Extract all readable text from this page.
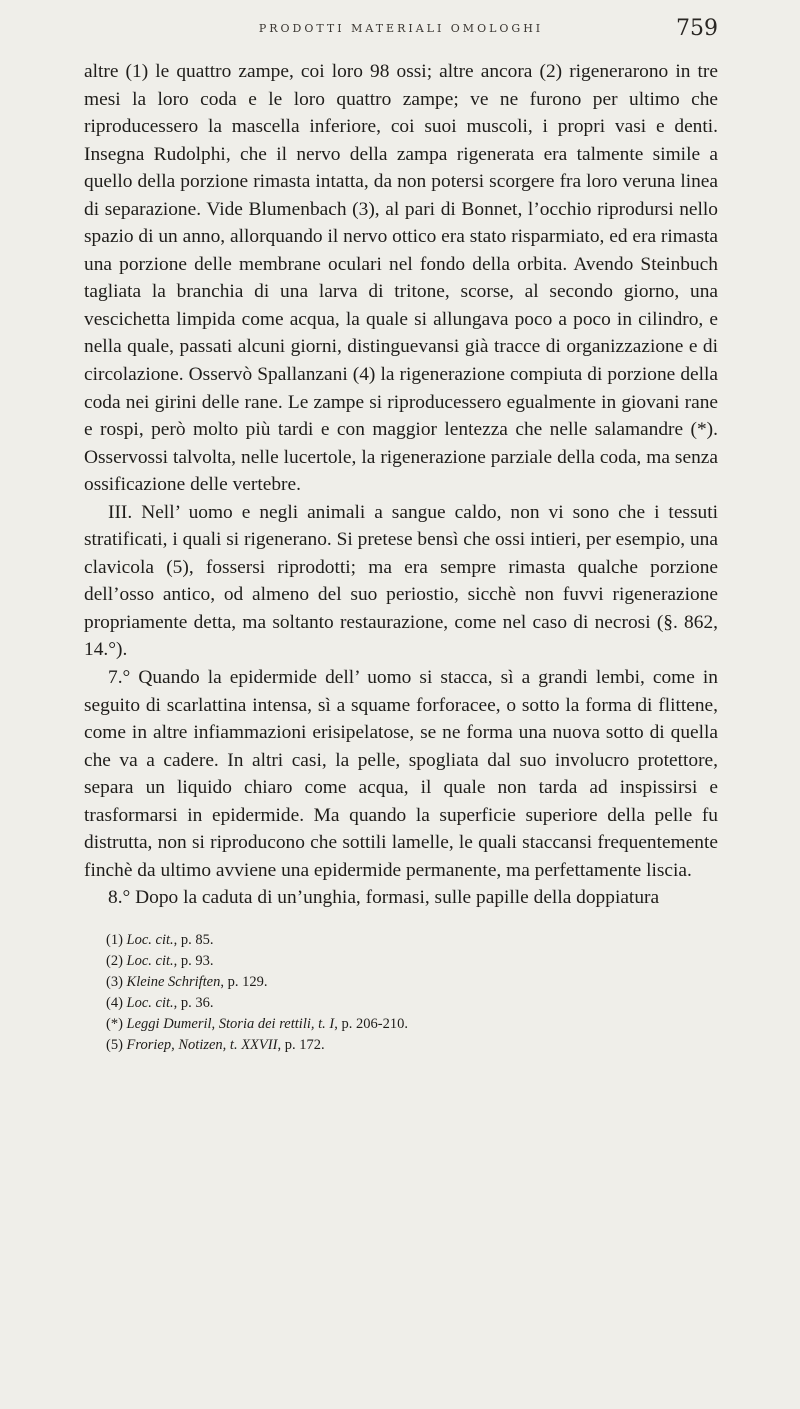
PRODOTTI MATERIALI OMOLOGHI	759

altre (1) le quattro zampe, coi loro 98 ossi; altre ancora (2) rigenerarono in tre mesi la loro coda e le loro quattro zampe; ve ne furono per ultimo che riproducessero la mascella inferiore, coi suoi muscoli, i propri vasi e denti. Insegna Rudolphi, che il nervo della zampa rigenerata era talmente simile a quello della porzione rimasta intatta, da non potersi scorgere fra loro veruna linea di separazione. Vide Blumenbach (3), al pari di Bonnet, l’occhio riprodursi nello spazio di un anno, allorquando il nervo ottico era stato risparmiato, ed era rimasta una porzione delle membrane oculari nel fondo della orbita. Avendo Steinbuch tagliata la branchia di una larva di tritone, scorse, al secondo giorno, una vescichetta limpida come acqua, la quale si allungava poco a poco in cilindro, e nella quale, passati alcuni giorni, distinguevansi già tracce di organizzazione e di circolazione. Osservò Spallanzani (4) la rigenerazione compiuta di porzione della coda nei girini delle rane. Le zampe si riproducessero egualmente in giovani rane e rospi, però molto più tardi e con maggior lentezza che nelle salamandre (*). Osservossi talvolta, nelle lucertole, la rigenerazione parziale della coda, ma senza ossificazione delle vertebre.

III. Nell’ uomo e negli animali a sangue caldo, non vi sono che i tessuti stratificati, i quali si rigenerano. Si pretese bensì che ossi intieri, per esempio, una clavicola (5), fossersi riprodotti; ma era sempre rimasta qualche porzione dell’osso antico, od almeno del suo periostio, sicchè non fuvvi rigenerazione propriamente detta, ma soltanto restaurazione, come nel caso di necrosi (§. 862, 14.°).

7.° Quando la epidermide dell’ uomo si stacca, sì a grandi lembi, come in seguito di scarlattina intensa, sì a squame forforacee, o sotto la forma di flittene, come in altre infiammazioni erisipelatose, se ne forma una nuova sotto di quella che va a cadere. In altri casi, la pelle, spogliata dal suo involucro protettore, separa un liquido chiaro come acqua, il quale non tarda ad inspissirsi e trasformarsi in epidermide. Ma quando la superficie superiore della pelle fu distrutta, non si riproducono che sottili lamelle, le quali staccansi frequentemente finchè da ultimo avviene una epidermide permanente, ma perfettamente liscia.

8.° Dopo la caduta di un’unghia, formasi, sulle papille della doppiatura

(1) Loc. cit., p. 85.
(2) Loc. cit., p. 93.
(3) Kleine Schriften, p. 129.
(4) Loc. cit., p. 36.
(*) Leggi Dumeril, Storia dei rettili, t. I, p. 206-210.
(5) Froriep, Notizen, t. XXVII, p. 172.
